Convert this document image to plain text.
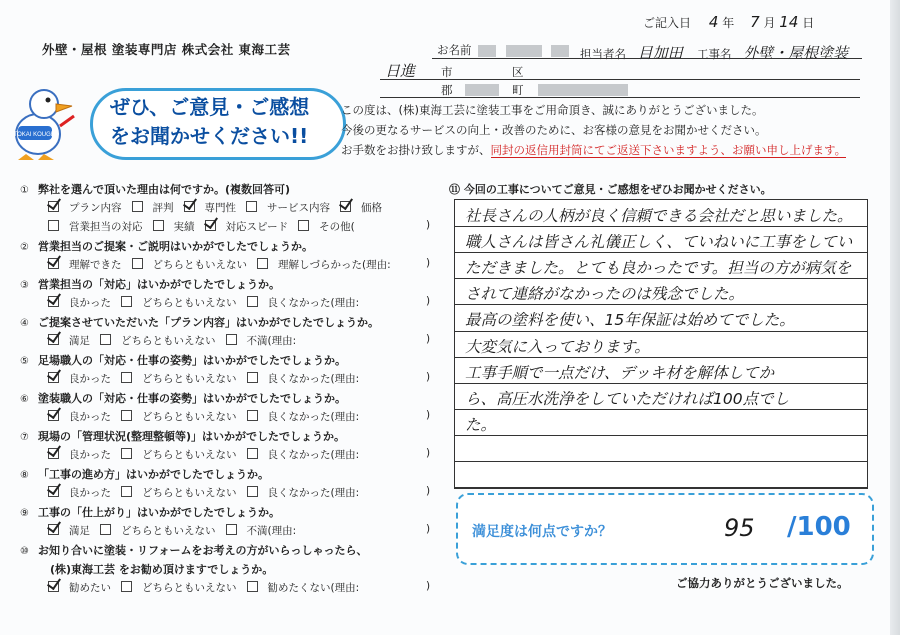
ご記入日 4 年 7 月 14 日
外壁・屋根 塗装専門店 株式会社 東海工芸	お名前	担当者名 目加田 工事名 外壁・屋根塗装
日進 市	区
郡	町
TOKAI KOUGEI
ぜひ、ご意見・ご感想
をお聞かせください!!
この度は、(株)東海工芸に塗装工事をご用命頂き、誠にありがとうございました。
今後の更なるサービスの向上・改善のために、お客様の意見をお聞かせください。
お手数をお掛け致しますが、同封の返信用封筒にてご返送下さいますよう、お願い申し上げます。
① 弊社を選んで頂いた理由は何ですか。(複数回答可)
プラン内容	評判	専門性	サービス内容	価格
営業担当の対応	実績	対応スピード	その他(	)
② 営業担当のご提案・ご説明はいかがでしたでしょうか。
理解できた	どちらともいえない	理解しづらかった(理由:	)
③ 営業担当の「対応」はいかがでしたでしょうか。
良かった	どちらともいえない	良くなかった(理由:	)
④ ご提案させていただいた「プラン内容」はいかがでしたでしょうか。
満足	どちらともいえない	不満(理由:	)
⑤ 足場職人の「対応・仕事の姿勢」はいかがでしたでしょうか。
良かった	どちらともいえない	良くなかった(理由:	)
⑥ 塗装職人の「対応・仕事の姿勢」はいかがでしたでしょうか。
良かった	どちらともいえない	良くなかった(理由:	)
⑦ 現場の「管理状況(整理整頓等)」はいかがでしたでしょうか。
良かった	どちらともいえない	良くなかった(理由:	)
⑧ 「工事の進め方」はいかがでしたでしょうか。
良かった	どちらともいえない	良くなかった(理由:	)
⑨ 工事の「仕上がり」はいかがでしたでしょうか。
満足	どちらともいえない	不満(理由:	)
⑩ お知り合いに塗装・リフォームをお考えの方がいらっしゃったら、
(株)東海工芸 をお勧め頂けますでしょうか。
勧めたい	どちらともいえない	勧めたくない(理由:	)
⑪ 今回の工事についてご意見・ご感想をぜひお聞かせください。
社長さんの人柄が良く信頼できる会社だと思いました。
職人さんは皆さん礼儀正しく、ていねいに工事をしてい
ただきました。とても良かったです。担当の方が病気を
されて連絡がなかったのは残念でした。
最高の塗料を使い、15年保証は始めてでした。
大変気に入っております。
工事手順で一点だけ、デッキ材を解体してか
ら、高圧水洗浄をしていただければ100点でし
た。
満足度は何点ですか？	95 /100
ご協力ありがとうございました。
